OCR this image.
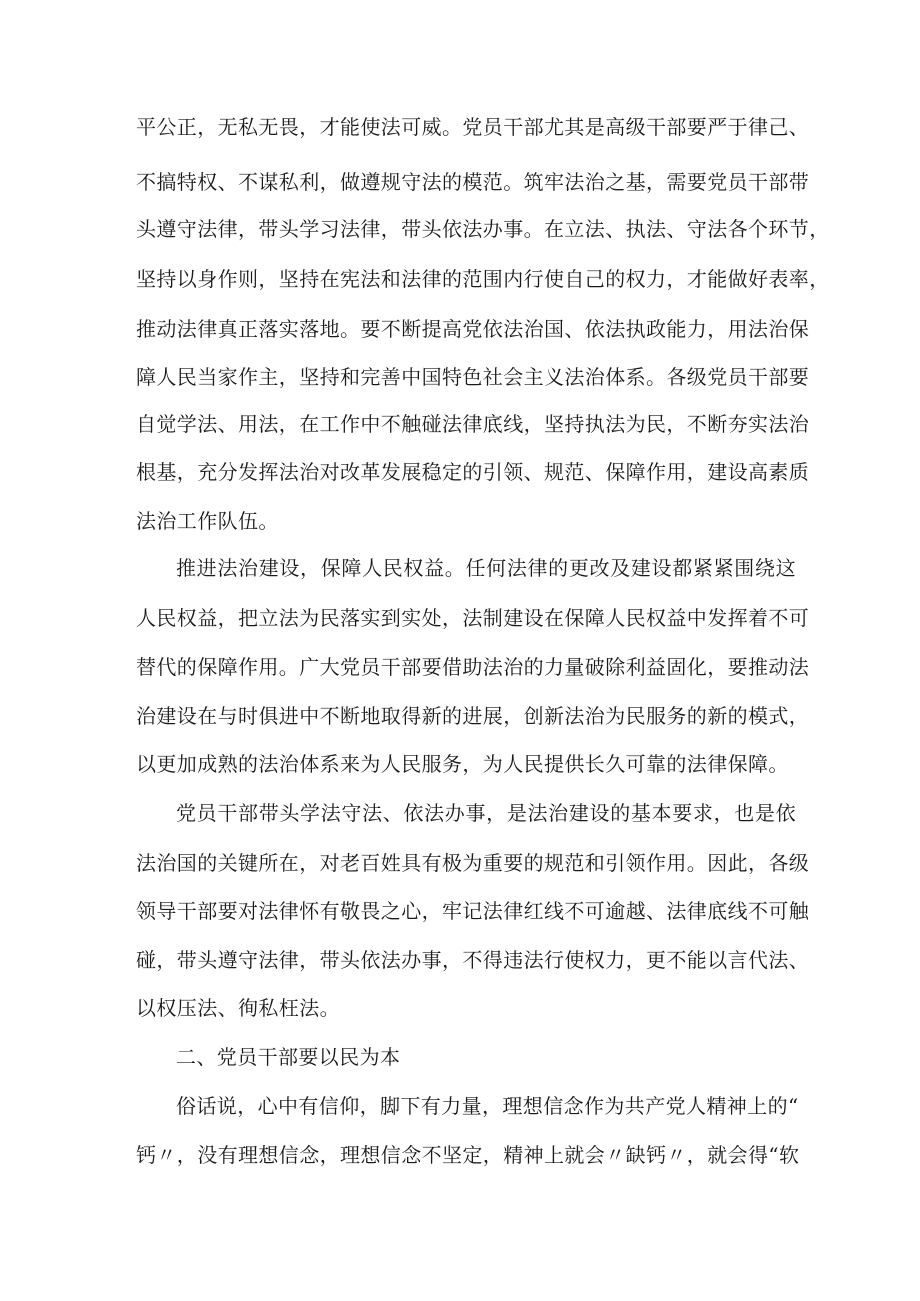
平公正，无私无畏，才能使法可威。党员干部尤其是高级干部要严于律己、
不搞特权、不谋私利，做遵规守法的模范。筑牢法治之基，需要党员干部带
头遵守法律，带头学习法律，带头依法办事。在立法、执法、守法各个环节，
坚持以身作则，坚持在宪法和法律的范围内行使自己的权力，才能做好表率，
推动法律真正落实落地。要不断提高党依法治国、依法执政能力，用法治保
障人民当家作主，坚持和完善中国特色社会主义法治体系。各级党员干部要
自觉学法、用法，在工作中不触碰法律底线，坚持执法为民，不断夯实法治
根基，充分发挥法治对改革发展稳定的引领、规范、保障作用，建设高素质
法治工作队伍。
推进法治建设，保障人民权益。任何法律的更改及建设都紧紧围绕这
人民权益，把立法为民落实到实处，法制建设在保障人民权益中发挥着不可
替代的保障作用。广大党员干部要借助法治的力量破除利益固化，要推动法
治建设在与时俱进中不断地取得新的进展，创新法治为民服务的新的模式，
以更加成熟的法治体系来为人民服务，为人民提供长久可靠的法律保障。
党员干部带头学法守法、依法办事，是法治建设的基本要求，也是依
法治国的关键所在，对老百姓具有极为重要的规范和引领作用。因此，各级
领导干部要对法律怀有敬畏之心，牢记法律红线不可逾越、法律底线不可触
碰，带头遵守法律，带头依法办事，不得违法行使权力，更不能以言代法、
以权压法、徇私枉法。
二、党员干部要以民为本
俗话说，心中有信仰，脚下有力量，理想信念作为共产党人精神上的“
钙〃，没有理想信念，理想信念不坚定，精神上就会〃缺钙〃，就会得“软
